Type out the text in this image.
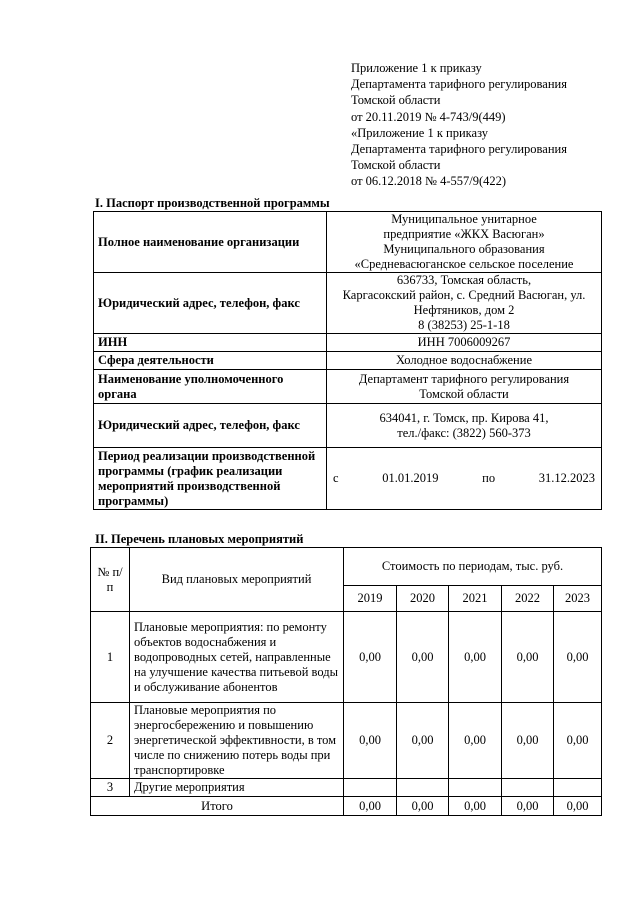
Приложение 1 к приказу
Департамента тарифного регулирования
Томской области
от 20.11.2019 № 4-743/9(449)
«Приложение 1 к приказу
Департамента тарифного регулирования
Томской области
от 06.12.2018 № 4-557/9(422)
I. Паспорт производственной программы
Полное наименование организации	Муниципальное унитарное
предприятие «ЖКХ Васюган»
Муниципального образования
«Средневасюганское сельское поселение

Юридический адрес, телефон, факс	636733, Томская область,
Каргасокский район, с. Средний Васюган, ул.
Нефтяников, дом 2
8 (38253) 25-1-18

ИНН	ИНН 7006009267
Сфера деятельности	Холодное водоснабжение
Наименование уполномоченного органа	Департамент тарифного регулирования
Томской области

Юридический адрес, телефон, факс	634041, г. Томск, пр. Кирова 41,
тел./факс: (3822) 560-373

Период реализации производственной программы (график реализации мероприятий производственной программы)	с 01.01.2019 по 31.12.2023
II. Перечень плановых мероприятий
№ п/п	Вид плановых мероприятий	Стоимость по периодам, тыс. руб.				
		2019	2020	2021	2022	2023
1	Плановые мероприятия: по ремонту объектов водоснабжения и водопроводных сетей, направленные на улучшение качества питьевой воды и обслуживание абонентов	0,00	0,00	0,00	0,00	0,00
2	Плановые мероприятия по энергосбережению и повышению энергетической эффективности, в том числе по снижению потерь воды при транспортировке	0,00	0,00	0,00	0,00	0,00
3	Другие мероприятия					
Итого		0,00	0,00	0,00	0,00	0,00
